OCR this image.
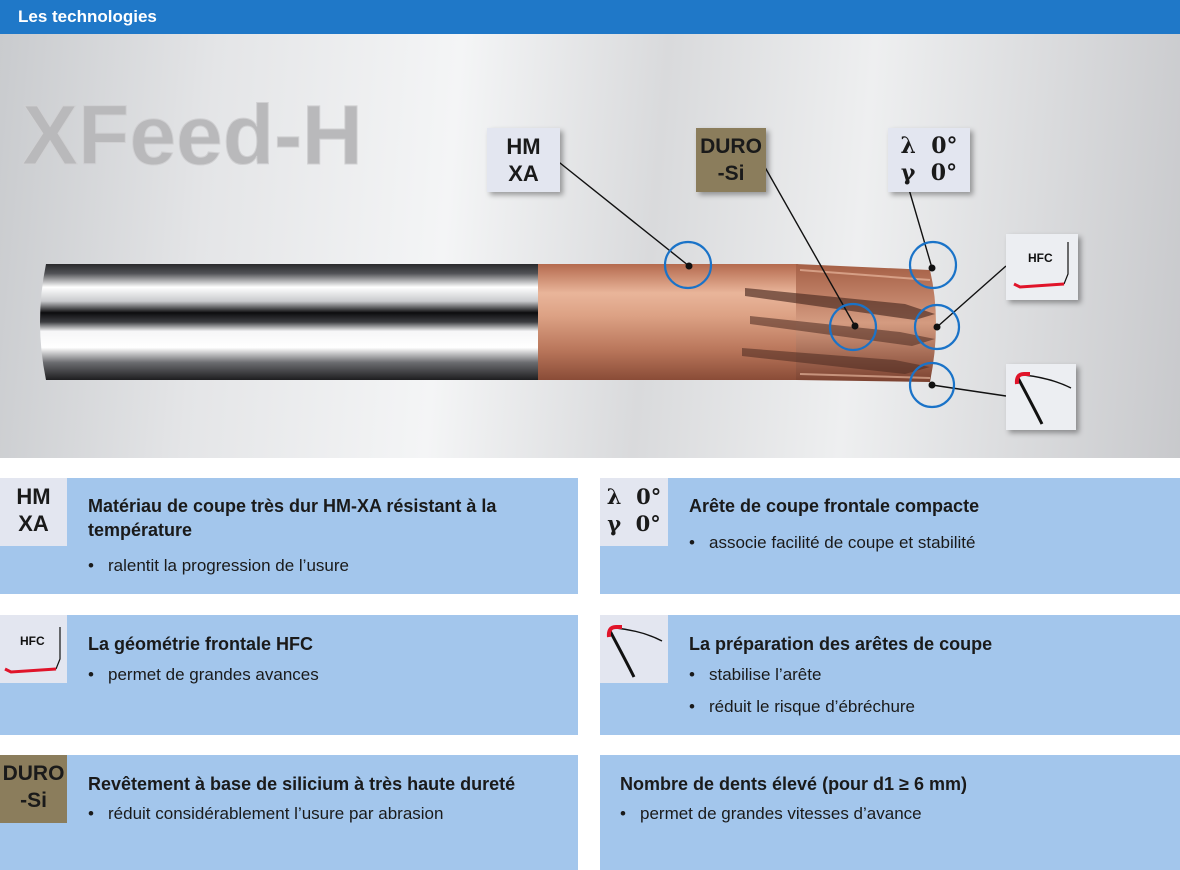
Les technologies
XFeed-H	HM
XA
DURO
-Si
λ  0°
γ  0°
HFC
HM
XA
Matériau de coupe très dur HM-XA résistant à la température
• ralentit la progression de l’usure
λ  0°
γ  0°
Arête de coupe frontale compacte
• associe facilité de coupe et stabilité
HFC La géométrie frontale HFC
• permet de grandes avances
La préparation des arêtes de coupe
• stabilise l’arête
• réduit le risque d’ébréchure
DURO
-Si
Revêtement à base de silicium à très haute dureté
• réduit considérablement l’usure par abrasion
Nombre de dents élevé (pour d1 ≥ 6 mm)
• permet de grandes vitesses d’avance
